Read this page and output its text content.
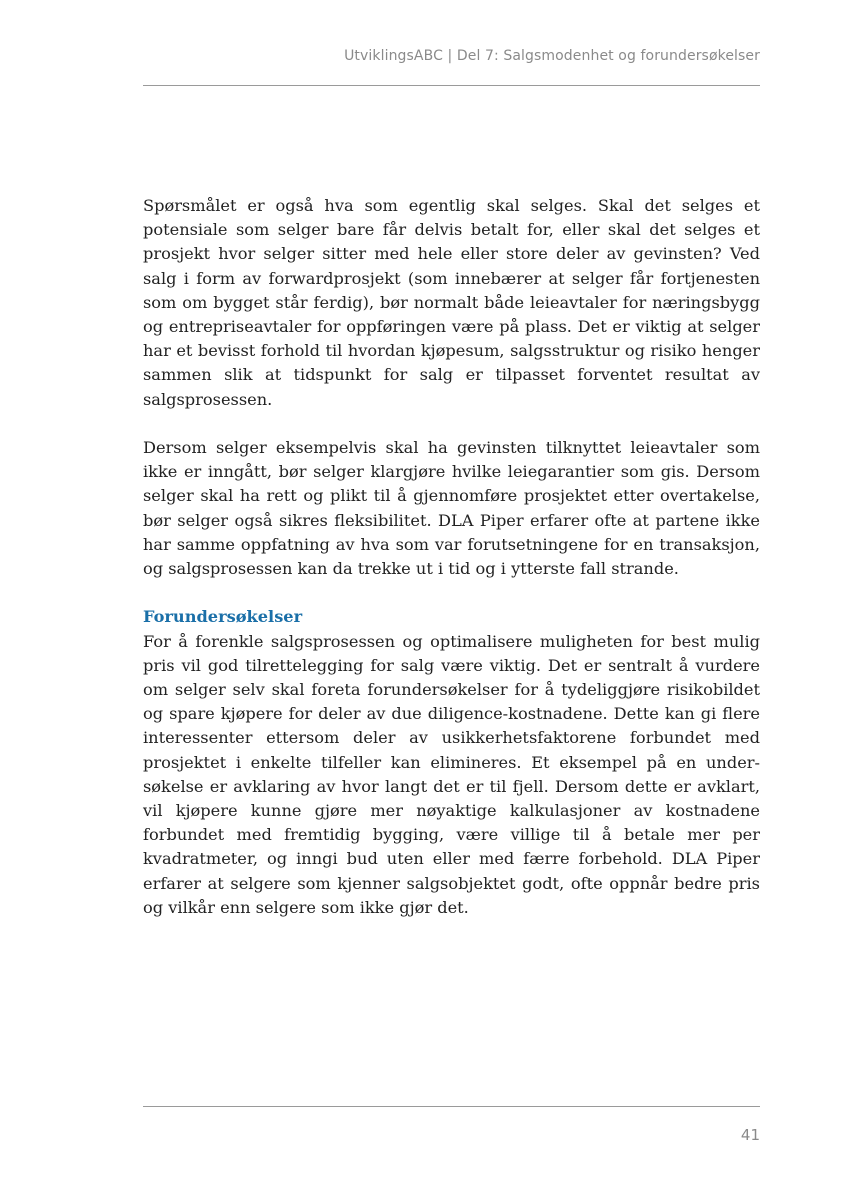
UtviklingsABC | Del 7: Salgsmodenhet og forundersøkelser

Spørsmålet er også hva som egentlig skal selges. Skal det selges et potensiale som selger bare får delvis betalt for, eller skal det selges et prosjekt hvor selger sitter med hele eller store deler av gevinsten? Ved salg i form av forwardprosjekt (som innebærer at selger får fortjenesten som om bygget står ferdig), bør normalt både leieavtaler for næringsbygg og entrepriseavtaler for oppføringen være på plass. Det er viktig at selger har et bevisst forhold til hvordan kjøpesum, salgsstruktur og risiko henger sammen slik at tidspunkt for salg er tilpasset forventet resultat av salgsprosessen.

Dersom selger eksempelvis skal ha gevinsten tilknyttet leieavtaler som ikke er inngått, bør selger klargjøre hvilke leiegarantier som gis. Dersom selger skal ha rett og plikt til å gjennomføre prosjektet etter overtakelse, bør selger også sikres fleksibilitet. DLA Piper erfarer ofte at partene ikke har samme oppfatning av hva som var forutsetningene for en transaksjon, og salgsprosessen kan da trekke ut i tid og i ytterste fall strande.

Forundersøkelser
For å forenkle salgsprosessen og optimalisere muligheten for best mulig pris vil god tilrettelegging for salg være viktig. Det er sentralt å vurdere om selger selv skal foreta forundersøkelser for å tydeliggjøre risikobildet og spare kjøpere for deler av due diligence-kostnadene. Dette kan gi flere interessenter ettersom deler av usikkerhetsfaktorene forbundet med prosjektet i enkelte tilfeller kan elimineres. Et eksempel på en under-søkelse er avklaring av hvor langt det er til fjell. Dersom dette er avklart, vil kjøpere kunne gjøre mer nøyaktige kalkulasjoner av kostnadene forbundet med fremtidig bygging, være villige til å betale mer per kvadratmeter, og inngi bud uten eller med færre forbehold. DLA Piper erfarer at selgere som kjenner salgsobjektet godt, ofte oppnår bedre pris og vilkår enn selgere som ikke gjør det.

41
